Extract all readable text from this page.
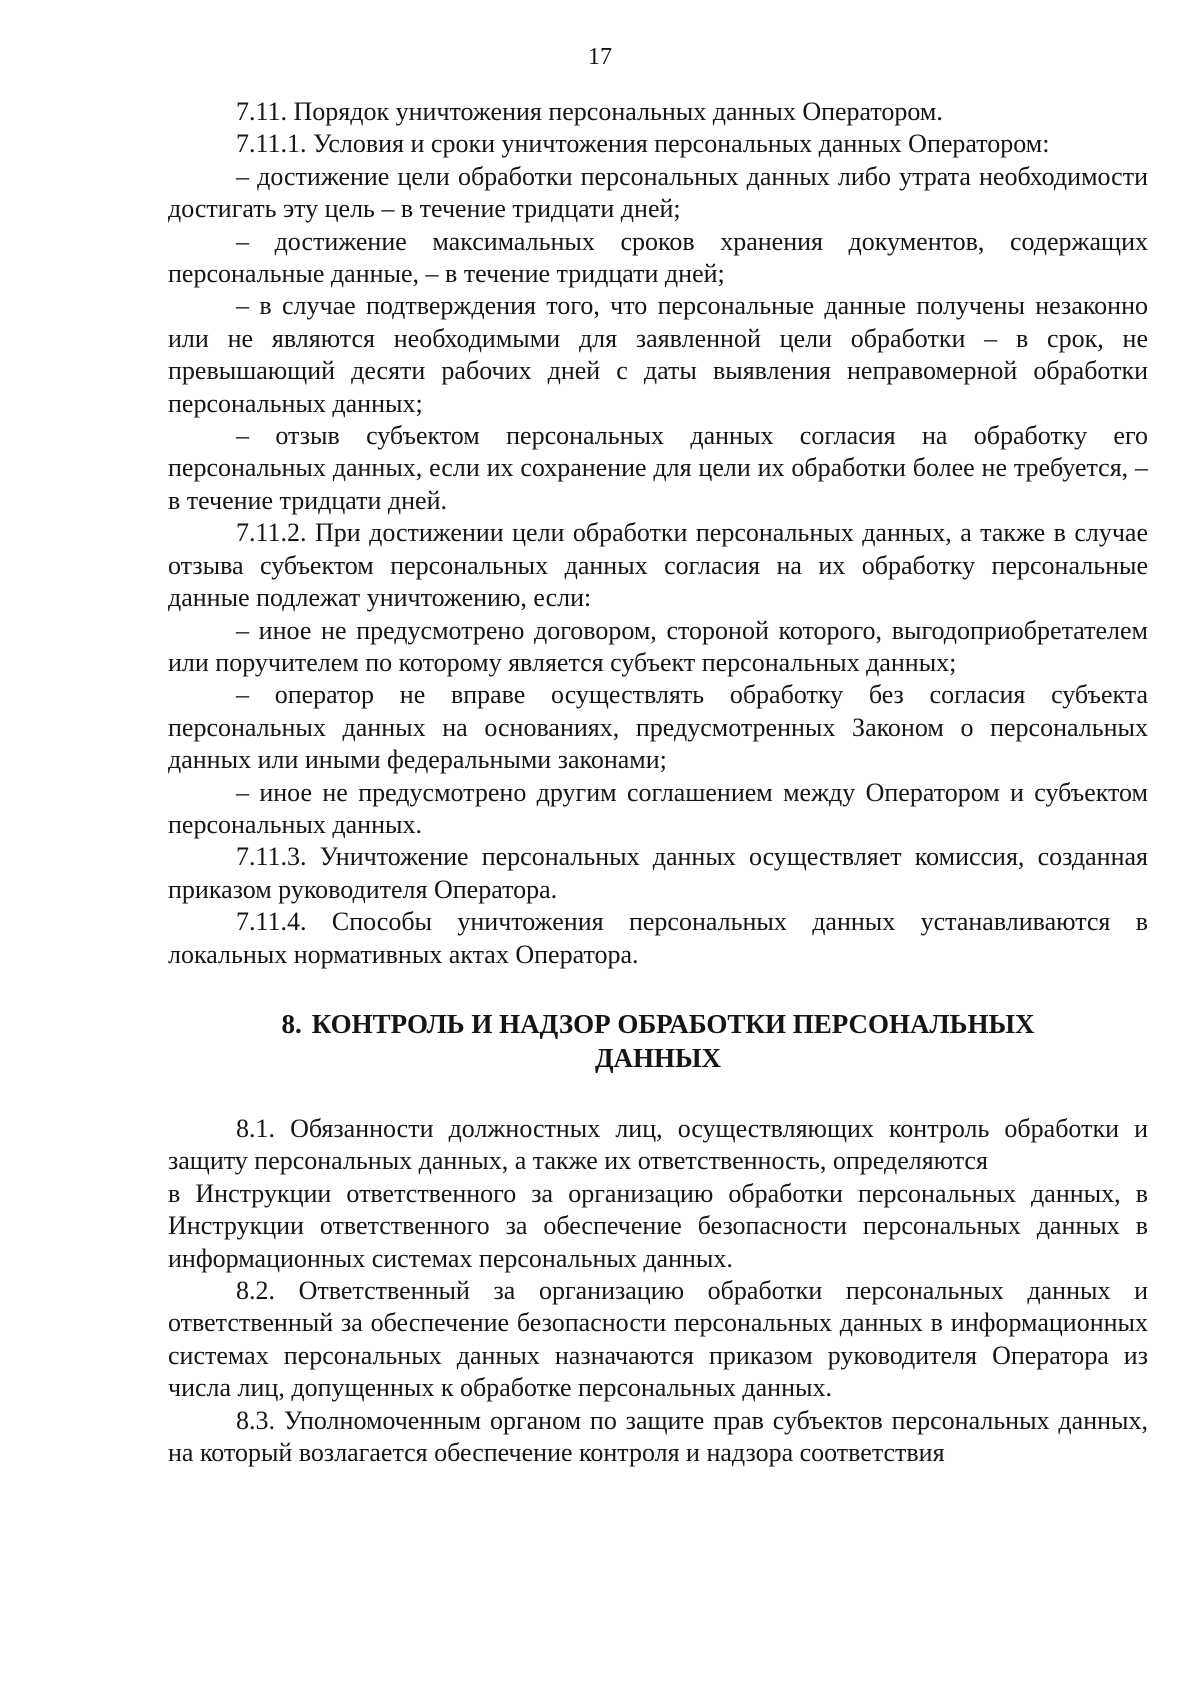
17

7.11. Порядок уничтожения персональных данных Оператором.

7.11.1. Условия и сроки уничтожения персональных данных Оператором:

– достижение цели обработки персональных данных либо утрата необходимости достигать эту цель – в течение тридцати дней;

– достижение максимальных сроков хранения документов, содержащих персональные данные, – в течение тридцати дней;

– в случае подтверждения того, что персональные данные получены незаконно или не являются необходимыми для заявленной цели обработки – в срок, не превышающий десяти рабочих дней с даты выявления неправомерной обработки персональных данных;

– отзыв субъектом персональных данных согласия на обработку его персональных данных, если их сохранение для цели их обработки более не требуется, – в течение тридцати дней.

7.11.2. При достижении цели обработки персональных данных, а также в случае отзыва субъектом персональных данных согласия на их обработку персональные данные подлежат уничтожению, если:

– иное не предусмотрено договором, стороной которого, выгодоприобретателем или поручителем по которому является субъект персональных данных;

– оператор не вправе осуществлять обработку без согласия субъекта персональных данных на основаниях, предусмотренных Законом о персональных данных или иными федеральными законами;

– иное не предусмотрено другим соглашением между Оператором и субъектом персональных данных.

7.11.3. Уничтожение персональных данных осуществляет комиссия, созданная приказом руководителя Оператора.

7.11.4. Способы уничтожения персональных данных устанавливаются в локальных нормативных актах Оператора.

8. КОНТРОЛЬ И НАДЗОР ОБРАБОТКИ ПЕРСОНАЛЬНЫХ ДАННЫХ

8.1. Обязанности должностных лиц, осуществляющих контроль обработки и защиту персональных данных, а также их ответственность, определяются

в Инструкции ответственного за организацию обработки персональных данных, в Инструкции ответственного за обеспечение безопасности персональных данных в информационных системах персональных данных.

8.2. Ответственный за организацию обработки персональных данных и ответственный за обеспечение безопасности персональных данных в информационных системах персональных данных назначаются приказом руководителя Оператора из числа лиц, допущенных к обработке персональных данных.

8.3. Уполномоченным органом по защите прав субъектов персональных данных, на который возлагается обеспечение контроля и надзора соответствия
